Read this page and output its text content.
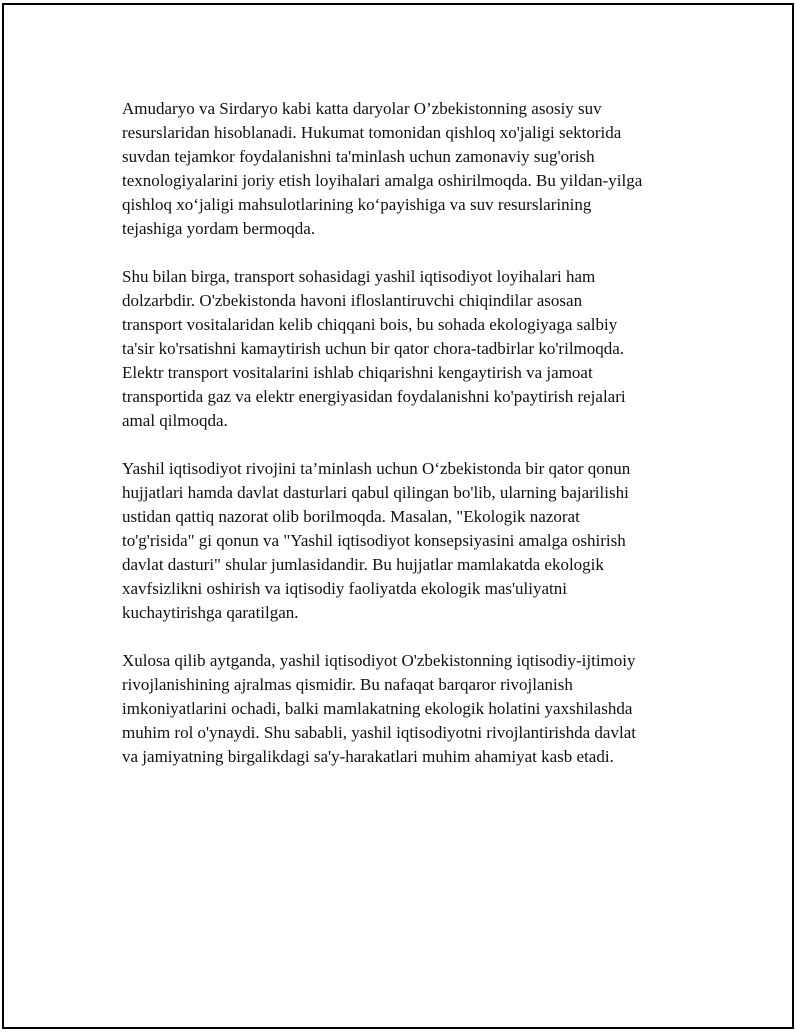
Amudaryo va Sirdaryo kabi katta daryolar O’zbekistonning asosiy suv
resurslaridan hisoblanadi. Hukumat tomonidan qishloq xo'jaligi sektorida
suvdan tejamkor foydalanishni ta'minlash uchun zamonaviy sug'orish
texnologiyalarini joriy etish loyihalari amalga oshirilmoqda. Bu yildan-yilga
qishloq xo‘jaligi mahsulotlarining ko‘payishiga va suv resurslarining
tejashiga yordam bermoqda.

Shu bilan birga, transport sohasidagi yashil iqtisodiyot loyihalari ham
dolzarbdir. O'zbekistonda havoni ifloslantiruvchi chiqindilar asosan
transport vositalaridan kelib chiqqani bois, bu sohada ekologiyaga salbiy
ta'sir ko'rsatishni kamaytirish uchun bir qator chora-tadbirlar ko'rilmoqda.
Elektr transport vositalarini ishlab chiqarishni kengaytirish va jamoat
transportida gaz va elektr energiyasidan foydalanishni ko'paytirish rejalari
amal qilmoqda.

Yashil iqtisodiyot rivojini ta’minlash uchun O‘zbekistonda bir qator qonun
hujjatlari hamda davlat dasturlari qabul qilingan bo'lib, ularning bajarilishi
ustidan qattiq nazorat olib borilmoqda. Masalan, "Ekologik nazorat
to'g'risida" gi qonun va "Yashil iqtisodiyot konsepsiyasini amalga oshirish
davlat dasturi" shular jumlasidandir. Bu hujjatlar mamlakatda ekologik
xavfsizlikni oshirish va iqtisodiy faoliyatda ekologik mas'uliyatni
kuchaytirishga qaratilgan.

Xulosa qilib aytganda, yashil iqtisodiyot O'zbekistonning iqtisodiy-ijtimoiy
rivojlanishining ajralmas qismidir. Bu nafaqat barqaror rivojlanish
imkoniyatlarini ochadi, balki mamlakatning ekologik holatini yaxshilashda
muhim rol o'ynaydi. Shu sababli, yashil iqtisodiyotni rivojlantirishda davlat
va jamiyatning birgalikdagi sa'y-harakatlari muhim ahamiyat kasb etadi.
